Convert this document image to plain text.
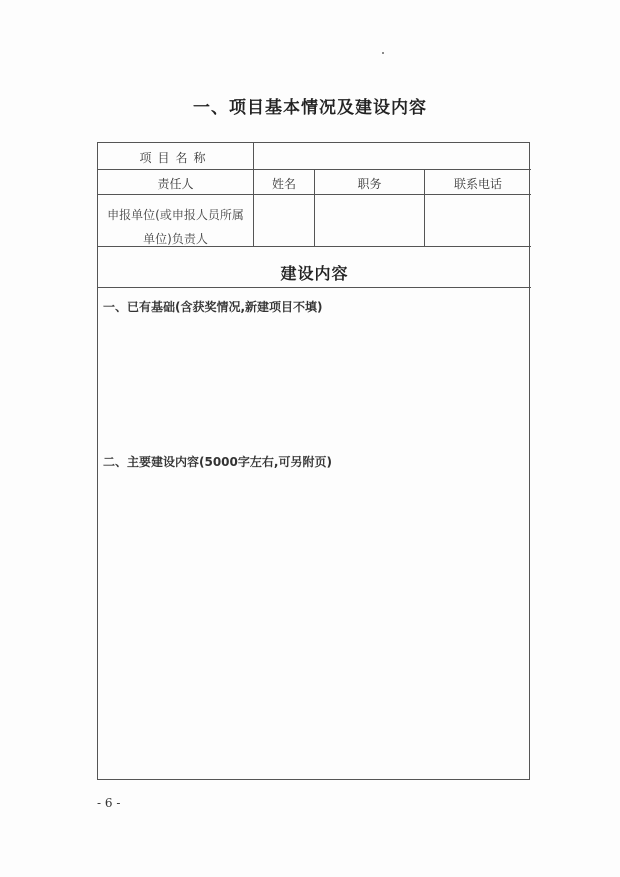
一、项目基本情况及建设内容
项目名称
责任人	姓名	职务	联系电话
申报单位(或申报人员所属
单位)负责人
建设内容
一、已有基础(含获奖情况,新建项目不填)
二、主要建设内容(5000字左右,可另附页)
- 6 -
